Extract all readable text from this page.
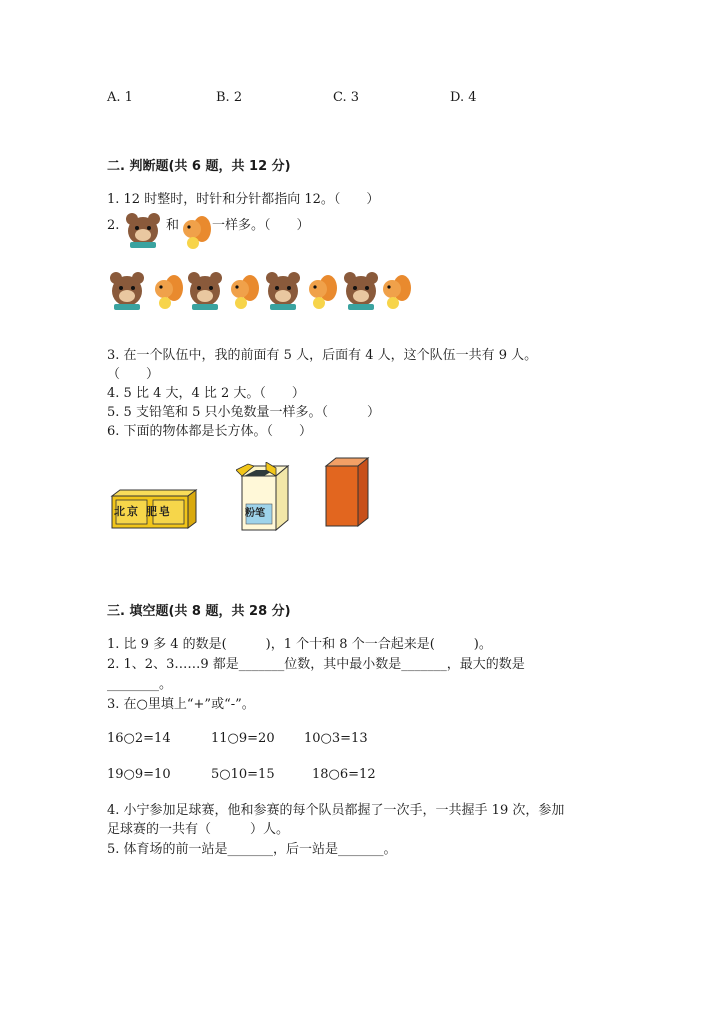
A. 1	B. 2	C. 3	D. 4
二. 判断题(共 6 题，共 12 分)
1. 12 时整时，时针和分针都指向 12。（　　）
2.	和	一样多。（　　）
3. 在一个队伍中，我的前面有 5 人，后面有 4 人，这个队伍一共有 9 人。
（　　）
4. 5 比 4 大，4 比 2 大。（　　）
5. 5 支铅笔和 5 只小兔数量一样多。（　　　）
6. 下面的物体都是长方体。（　　）
北京 肥皂	粉笔
三. 填空题(共 8 题，共 28 分)
1. 比 9 多 4 的数是(　　　)，1 个十和 8 个一合起来是(　　　)。
2. 1、2、3……9 都是_______位数，其中最小数是_______，最大的数是
________。
3. 在○里填上“+”或“-”。
16○2=14	11○9=20 10○3=13
19○9=10	5○10=15	18○6=12
4. 小宁参加足球赛，他和参赛的每个队员都握了一次手，一共握手 19 次，参加
足球赛的一共有（　　　）人。
5. 体育场的前一站是_______，后一站是_______。
